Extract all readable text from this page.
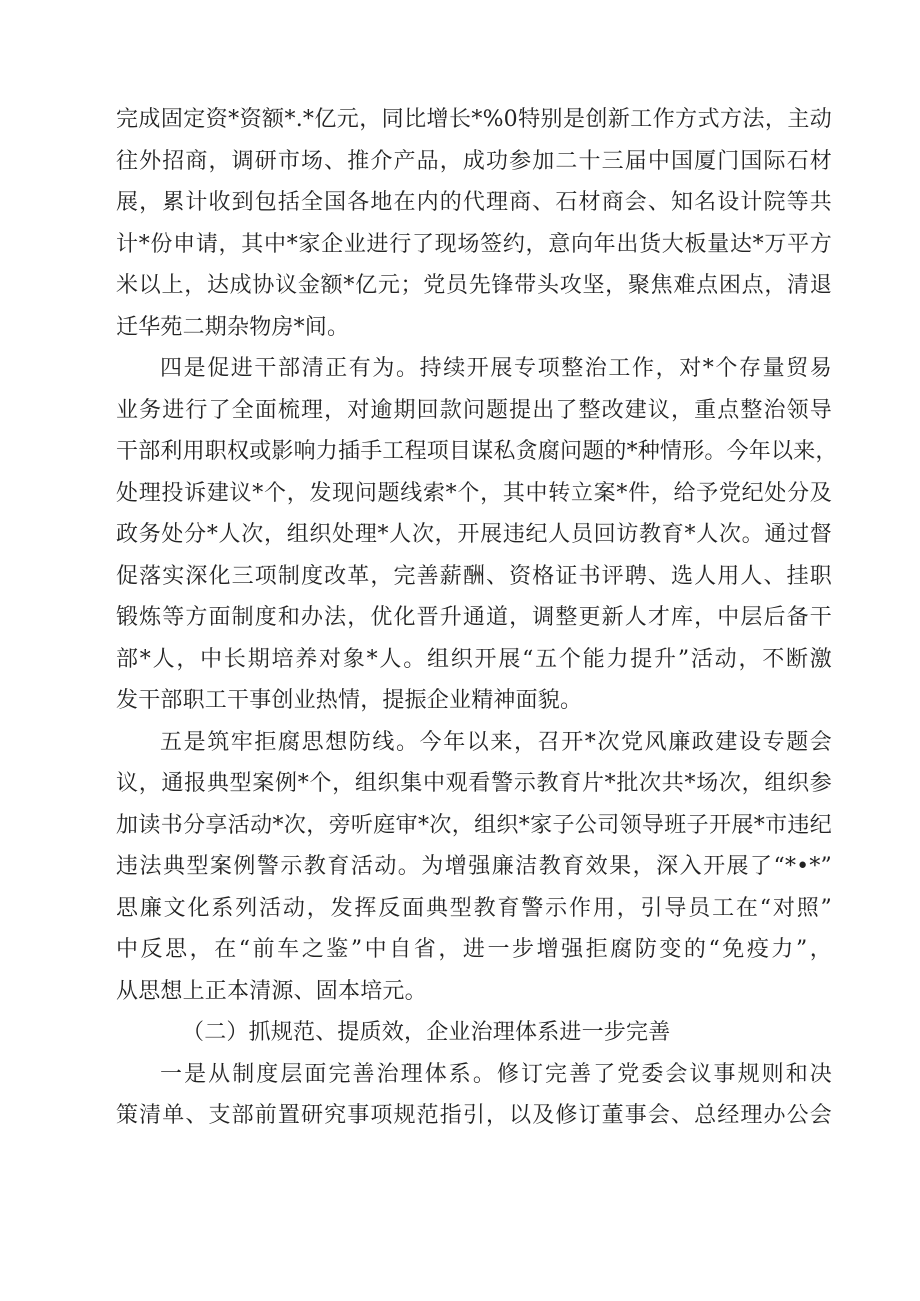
完成固定资*资额*.*亿元，同比增长*%0特别是创新工作方式方法，主动
往外招商，调研市场、推介产品，成功参加二十三届中国厦门国际石材
展，累计收到包括全国各地在内的代理商、石材商会、知名设计院等共
计*份申请，其中*家企业进行了现场签约，意向年出货大板量达*万平方
米以上，达成协议金额*亿元；党员先锋带头攻坚，聚焦难点困点，清退
迁华苑二期杂物房*间。
四是促进干部清正有为。持续开展专项整治工作，对*个存量贸易
业务进行了全面梳理，对逾期回款问题提出了整改建议，重点整治领导
干部利用职权或影响力插手工程项目谋私贪腐问题的*种情形。今年以来，
处理投诉建议*个，发现问题线索*个，其中转立案*件，给予党纪处分及
政务处分*人次，组织处理*人次，开展违纪人员回访教育*人次。通过督
促落实深化三项制度改革，完善薪酬、资格证书评聘、选人用人、挂职
锻炼等方面制度和办法，优化晋升通道，调整更新人才库，中层后备干
部*人，中长期培养对象*人。组织开展“五个能力提升”活动，不断激
发干部职工干事创业热情，提振企业精神面貌。
五是筑牢拒腐思想防线。今年以来，召开*次党风廉政建设专题会
议，通报典型案例*个，组织集中观看警示教育片*批次共*场次，组织参
加读书分享活动*次，旁听庭审*次，组织*家子公司领导班子开展*市违纪
违法典型案例警示教育活动。为增强廉洁教育效果，深入开展了“*•*”
思廉文化系列活动，发挥反面典型教育警示作用，引导员工在“对照”
中反思，在“前车之鉴”中自省，进一步增强拒腐防变的“免疫力”，
从思想上正本清源、固本培元。
（二）抓规范、提质效，企业治理体系进一步完善
一是从制度层面完善治理体系。修订完善了党委会议事规则和决
策清单、支部前置研究事项规范指引，以及修订董事会、总经理办公会
